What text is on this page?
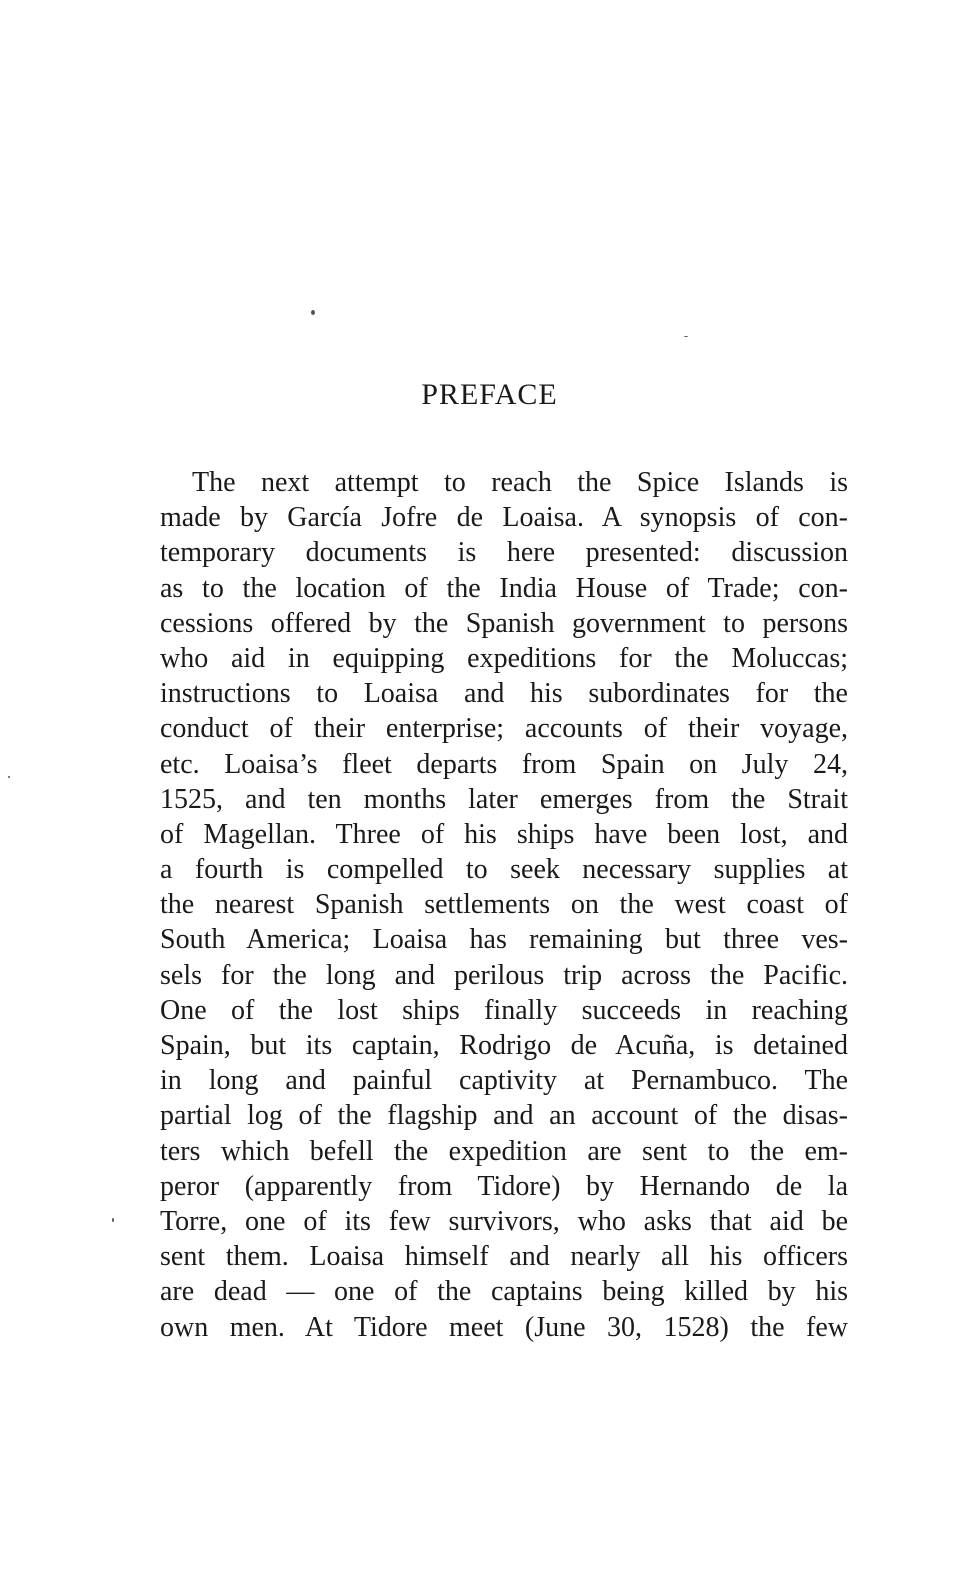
PREFACE
The next attempt to reach the Spice Islands is
made by García Jofre de Loaisa. A synopsis of con-
temporary documents is here presented: discussion
as to the location of the India House of Trade; con-
cessions offered by the Spanish government to persons
who aid in equipping expeditions for the Moluccas;
instructions to Loaisa and his subordinates for the
conduct of their enterprise; accounts of their voyage,
etc. Loaisa’s fleet departs from Spain on July 24,
1525, and ten months later emerges from the Strait
of Magellan. Three of his ships have been lost, and
a fourth is compelled to seek necessary supplies at
the nearest Spanish settlements on the west coast of
South America; Loaisa has remaining but three ves-
sels for the long and perilous trip across the Pacific.
One of the lost ships finally succeeds in reaching
Spain, but its captain, Rodrigo de Acuña, is detained
in long and painful captivity at Pernambuco. The
partial log of the flagship and an account of the disas-
ters which befell the expedition are sent to the em-
peror (apparently from Tidore) by Hernando de la
Torre, one of its few survivors, who asks that aid be
sent them. Loaisa himself and nearly all his officers
are dead — one of the captains being killed by his
own men. At Tidore meet (June 30, 1528) the few
